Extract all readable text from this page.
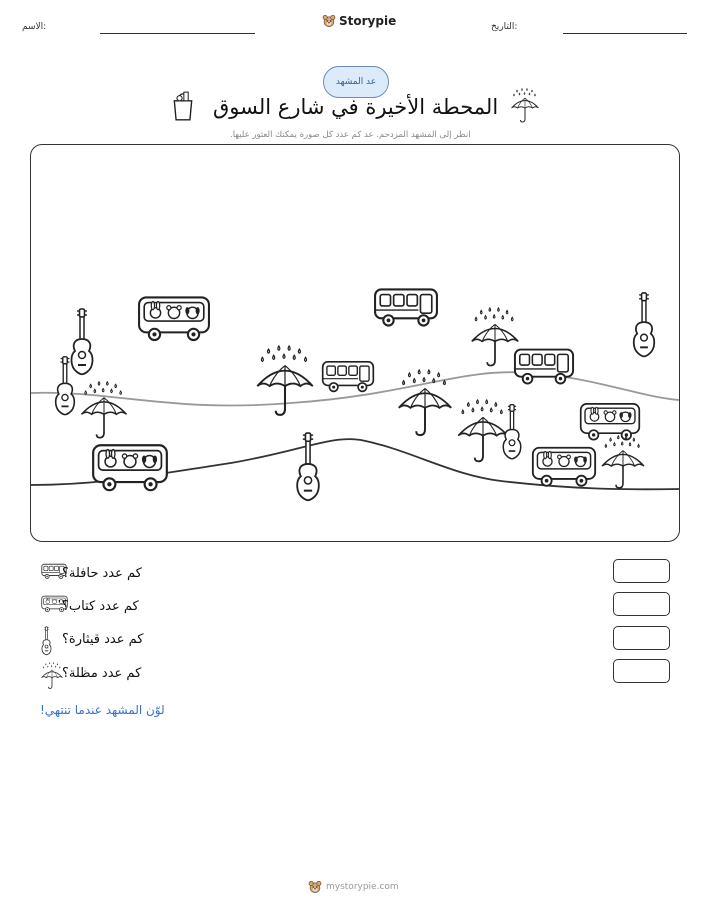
الاسم:	Storypie	التاريخ:
عد المشهد
المحطة الأخيرة في شارع السوق
انظر إلى المشهد المزدحم. عد كم عدد كل صورة يمكنك العثور عليها.
كم عدد حافلة؟
كم عدد كتاب؟
كم عدد قيثارة؟
كم عدد مظلة؟
لوّن المشهد عندما تنتهي!
mystorypie.com
